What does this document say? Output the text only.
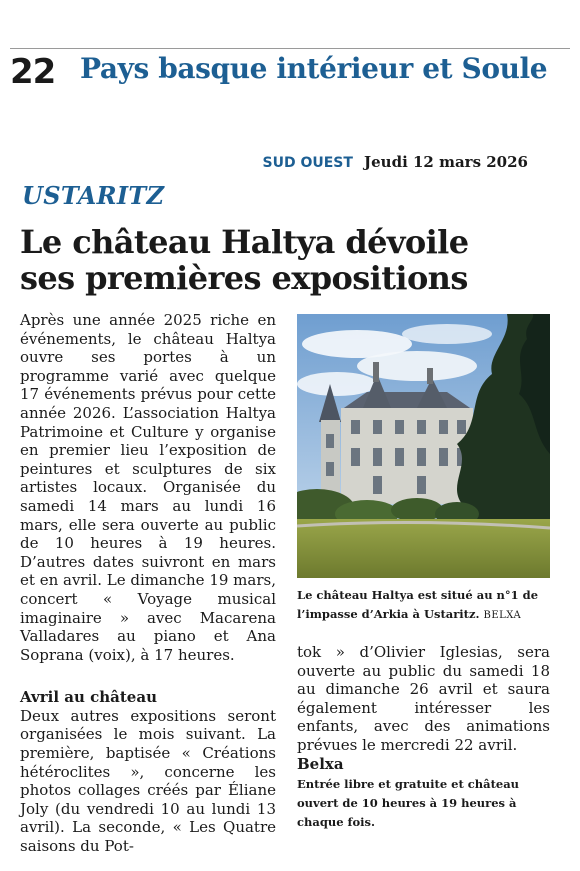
22 Pays basque intérieur et Soule
SUD OUEST Jeudi 12 mars 2026
USTARITZ
Le château Haltya dévoile
ses premières expositions

Après une année 2025 riche en événements, le château Haltya ouvre ses portes à un programme varié avec quelque 17 événements prévus pour cette année 2026. L’association Haltya Patrimoine et Culture y organise en premier lieu l’exposition de peintures et sculptures de six artistes locaux. Organisée du samedi 14 mars au lundi 16 mars, elle sera ouverte au public de 10 heures à 19 heures. D’autres dates suivront en mars et en avril. Le dimanche 19 mars, concert « Voyage musical imaginaire » avec Macarena Valladares au piano et Ana Soprana (voix), à 17 heures.

Avril au château

Deux autres expositions seront organisées le mois suivant. La première, baptisée « Créations hétéroclites », concerne les photos collages créés par Éliane Joly (du vendredi 10 au lundi 13 avril). La seconde, « Les Quatre saisons du Pot-

Le château Haltya est situé au n°1 de l’impasse d’Arkia à Ustaritz. BELXA

tok » d’Olivier Iglesias, sera ouverte au public du samedi 18 au dimanche 26 avril et saura également intéresser les enfants, avec des animations prévues le mercredi 22 avril.

Belxa

Entrée libre et gratuite et château ouvert de 10 heures à 19 heures à chaque fois.
